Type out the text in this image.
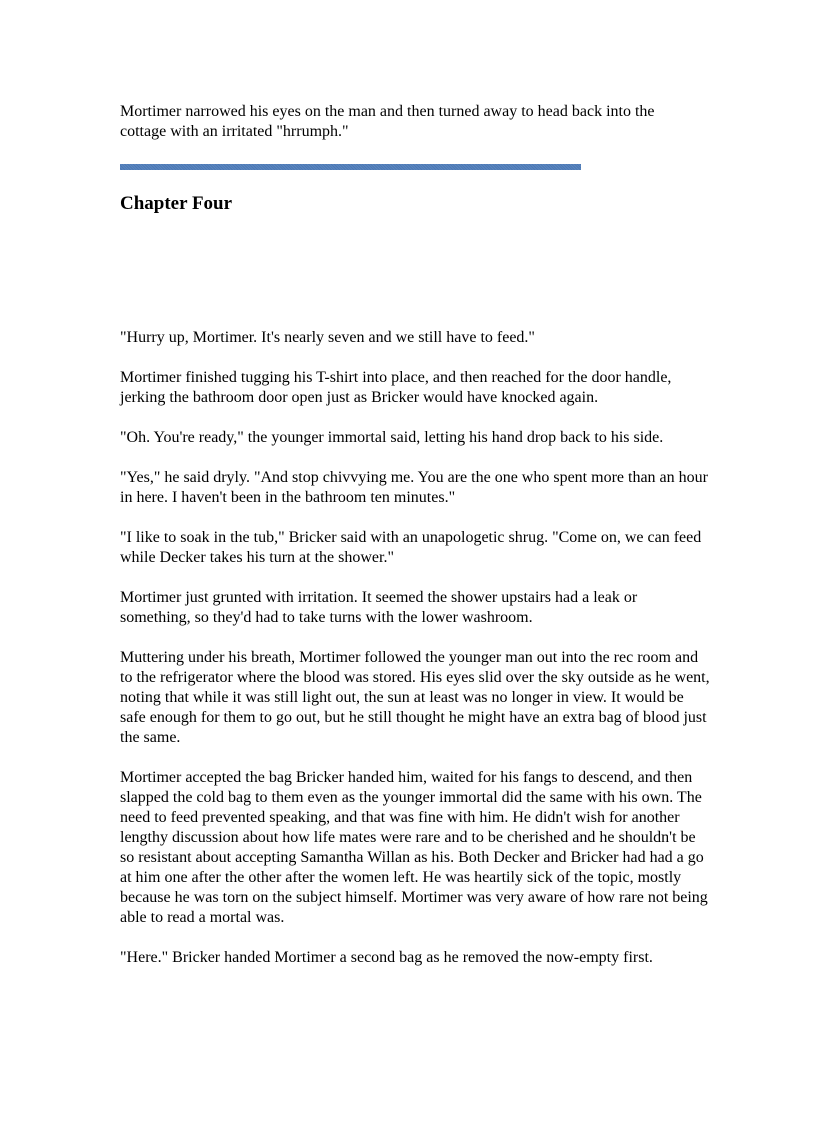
Mortimer narrowed his eyes on the man and then turned away to head back into the cottage with an irritated "hrrumph."

Chapter Four

"Hurry up, Mortimer. It's nearly seven and we still have to feed."

Mortimer finished tugging his T-shirt into place, and then reached for the door handle, jerking the bathroom door open just as Bricker would have knocked again.

"Oh. You're ready," the younger immortal said, letting his hand drop back to his side.

"Yes," he said dryly. "And stop chivvying me. You are the one who spent more than an hour in here. I haven't been in the bathroom ten minutes."

"I like to soak in the tub," Bricker said with an unapologetic shrug. "Come on, we can feed while Decker takes his turn at the shower."

Mortimer just grunted with irritation. It seemed the shower upstairs had a leak or something, so they'd had to take turns with the lower washroom.

Muttering under his breath, Mortimer followed the younger man out into the rec room and to the refrigerator where the blood was stored. His eyes slid over the sky outside as he went, noting that while it was still light out, the sun at least was no longer in view. It would be safe enough for them to go out, but he still thought he might have an extra bag of blood just the same.

Mortimer accepted the bag Bricker handed him, waited for his fangs to descend, and then slapped the cold bag to them even as the younger immortal did the same with his own. The need to feed prevented speaking, and that was fine with him. He didn't wish for another lengthy discussion about how life mates were rare and to be cherished and he shouldn't be so resistant about accepting Samantha Willan as his. Both Decker and Bricker had had a go at him one after the other after the women left. He was heartily sick of the topic, mostly because he was torn on the subject himself. Mortimer was very aware of how rare not being able to read a mortal was.

"Here." Bricker handed Mortimer a second bag as he removed the now-empty first.
